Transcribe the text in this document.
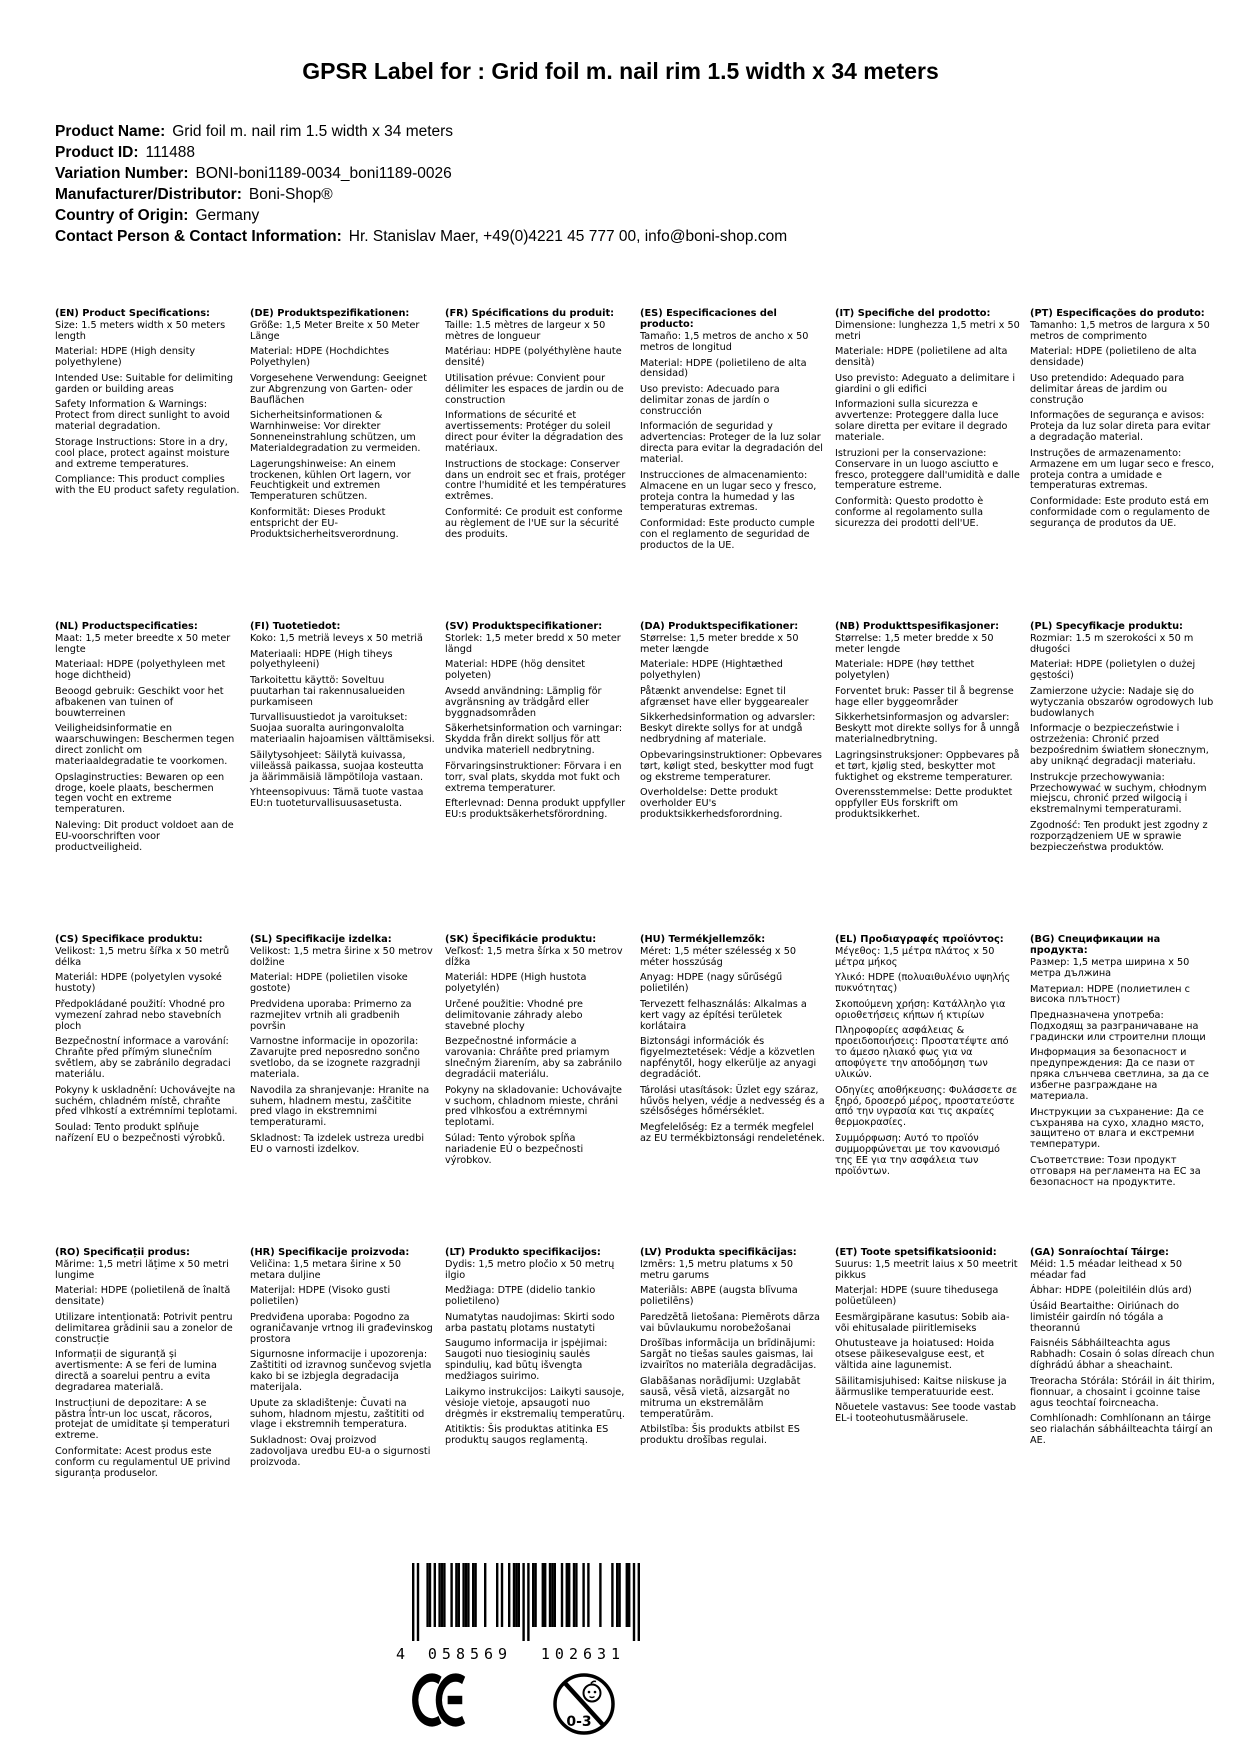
GPSR Label for : Grid foil m. nail rim 1.5 width x 34 meters
Product Name: Grid foil m. nail rim 1.5 width x 34 meters
Product ID: 111488
Variation Number: BONI-boni1189-0034_boni1189-0026
Manufacturer/Distributor: Boni-Shop®
Country of Origin: Germany
Contact Person & Contact Information: Hr. Stanislav Maer, +49(0)4221 45 777 00, info@boni-shop.com
(EN) Product Specifications:

Size: 1.5 meters width x 50 meters length

Material: HDPE (High density polyethylene)

Intended Use: Suitable for delimiting garden or building areas

Safety Information & Warnings: Protect from direct sunlight to avoid material degradation.

Storage Instructions: Store in a dry, cool place, protect against moisture and extreme temperatures.

Compliance: This product complies with the EU product safety regulation.

(DE) Produktspezifikationen:

Größe: 1,5 Meter Breite x 50 Meter Länge

Material: HDPE (Hochdichtes Polyethylen)

Vorgesehene Verwendung: Geeignet zur Abgrenzung von Garten- oder Bauflächen

Sicherheitsinformationen & Warnhinweise: Vor direkter Sonneneinstrahlung schützen, um Materialdegradation zu vermeiden.

Lagerungshinweise: An einem trockenen, kühlen Ort lagern, vor Feuchtigkeit und extremen Temperaturen schützen.

Konformität: Dieses Produkt entspricht der EU-Produktsicherheitsverordnung.

(FR) Spécifications du produit:

Taille: 1.5 mètres de largeur x 50 mètres de longueur

Matériau: HDPE (polyéthylène haute densité)

Utilisation prévue: Convient pour délimiter les espaces de jardin ou de construction

Informations de sécurité et avertissements: Protéger du soleil direct pour éviter la dégradation des matériaux.

Instructions de stockage: Conserver dans un endroit sec et frais, protéger contre l'humidité et les températures extrêmes.

Conformité: Ce produit est conforme au règlement de l'UE sur la sécurité des produits.

(ES) Especificaciones del producto:

Tamaño: 1,5 metros de ancho x 50 metros de longitud

Material: HDPE (polietileno de alta densidad)

Uso previsto: Adecuado para delimitar zonas de jardín o construcción

Información de seguridad y advertencias: Proteger de la luz solar directa para evitar la degradación del material.

Instrucciones de almacenamiento: Almacene en un lugar seco y fresco, proteja contra la humedad y las temperaturas extremas.

Conformidad: Este producto cumple con el reglamento de seguridad de productos de la UE.

(IT) Specifiche del prodotto:

Dimensione: lunghezza 1,5 metri x 50 metri

Materiale: HDPE (polietilene ad alta densità)

Uso previsto: Adeguato a delimitare i giardini o gli edifici

Informazioni sulla sicurezza e avvertenze: Proteggere dalla luce solare diretta per evitare il degrado materiale.

Istruzioni per la conservazione: Conservare in un luogo asciutto e fresco, proteggere dall'umidità e dalle temperature estreme.

Conformità: Questo prodotto è conforme al regolamento sulla sicurezza dei prodotti dell'UE.

(PT) Especificações do produto:

Tamanho: 1,5 metros de largura x 50 metros de comprimento

Material: HDPE (polietileno de alta densidade)

Uso pretendido: Adequado para delimitar áreas de jardim ou construção

Informações de segurança e avisos: Proteja da luz solar direta para evitar a degradação material.

Instruções de armazenamento: Armazene em um lugar seco e fresco, proteja contra a umidade e temperaturas extremas.

Conformidade: Este produto está em conformidade com o regulamento de segurança de produtos da UE.

(NL) Productspecificaties:

Maat: 1,5 meter breedte x 50 meter lengte

Materiaal: HDPE (polyethyleen met hoge dichtheid)

Beoogd gebruik: Geschikt voor het afbakenen van tuinen of bouwterreinen

Veiligheidsinformatie en waarschuwingen: Beschermen tegen direct zonlicht om materiaaldegradatie te voorkomen.

Opslaginstructies: Bewaren op een droge, koele plaats, beschermen tegen vocht en extreme temperaturen.

Naleving: Dit product voldoet aan de EU-voorschriften voor productveiligheid.

(FI) Tuotetiedot:

Koko: 1,5 metriä leveys x 50 metriä

Materiaali: HDPE (High tiheys polyethyleeni)

Tarkoitettu käyttö: Soveltuu puutarhan tai rakennusalueiden purkamiseen

Turvallisuustiedot ja varoitukset: Suojaa suoralta auringonvalolta materiaalin hajoamisen välttämiseksi.

Säilytysohjeet: Säilytä kuivassa, viileässä paikassa, suojaa kosteutta ja äärimmäisiä lämpötiloja vastaan.

Yhteensopivuus: Tämä tuote vastaa EU:n tuoteturvallisuusasetusta.

(SV) Produktspecifikationer:

Storlek: 1,5 meter bredd x 50 meter längd

Material: HDPE (hög densitet polyeten)

Avsedd användning: Lämplig för avgränsning av trädgård eller byggnadsområden

Säkerhetsinformation och varningar: Skydda från direkt solljus för att undvika materiell nedbrytning.

Förvaringsinstruktioner: Förvara i en torr, sval plats, skydda mot fukt och extrema temperaturer.

Efterlevnad: Denna produkt uppfyller EU:s produktsäkerhetsförordning.

(DA) Produktspecifikationer:

Størrelse: 1,5 meter bredde x 50 meter længde

Materiale: HDPE (Hightæthed polyethylen)

Påtænkt anvendelse: Egnet til afgrænset have eller byggearealer

Sikkerhedsinformation og advarsler: Beskyt direkte sollys for at undgå nedbrydning af materiale.

Opbevaringsinstruktioner: Opbevares tørt, køligt sted, beskytter mod fugt og ekstreme temperaturer.

Overholdelse: Dette produkt overholder EU's produktsikkerhedsforordning.

(NB) Produkttspesifikasjoner:

Størrelse: 1,5 meter bredde x 50 meter lengde

Materiale: HDPE (høy tetthet polyetylen)

Forventet bruk: Passer til å begrense hage eller byggeområder

Sikkerhetsinformasjon og advarsler: Beskytt mot direkte sollys for å unngå materialnedbrytning.

Lagringsinstruksjoner: Oppbevares på et tørt, kjølig sted, beskytter mot fuktighet og ekstreme temperaturer.

Overensstemmelse: Dette produktet oppfyller EUs forskrift om produktsikkerhet.

(PL) Specyfikacje produktu:

Rozmiar: 1.5 m szerokości x 50 m długości

Materiał: HDPE (polietylen o dużej gęstości)

Zamierzone użycie: Nadaje się do wytyczania obszarów ogrodowych lub budowlanych

Informacje o bezpieczeństwie i ostrzeżenia: Chronić przed bezpośrednim światłem słonecznym, aby uniknąć degradacji materiału.

Instrukcje przechowywania: Przechowywać w suchym, chłodnym miejscu, chronić przed wilgocią i ekstremalnymi temperaturami.

Zgodność: Ten produkt jest zgodny z rozporządzeniem UE w sprawie bezpieczeństwa produktów.

(CS) Specifikace produktu:

Velikost: 1,5 metru šířka x 50 metrů délka

Materiál: HDPE (polyetylen vysoké hustoty)

Předpokládané použití: Vhodné pro vymezení zahrad nebo stavebních ploch

Bezpečnostní informace a varování: Chraňte před přímým slunečním světlem, aby se zabránilo degradaci materiálu.

Pokyny k uskladnění: Uchovávejte na suchém, chladném místě, chraňte před vlhkostí a extrémními teplotami.

Soulad: Tento produkt splňuje nařízení EU o bezpečnosti výrobků.

(SL) Specifikacije izdelka:

Velikost: 1,5 metra širine x 50 metrov dolžine

Material: HDPE (polietilen visoke gostote)

Predvidena uporaba: Primerno za razmejitev vrtnih ali gradbenih površin

Varnostne informacije in opozorila: Zavarujte pred neposredno sončno svetlobo, da se izognete razgradnji materiala.

Navodila za shranjevanje: Hranite na suhem, hladnem mestu, zaščitite pred vlago in ekstremnimi temperaturami.

Skladnost: Ta izdelek ustreza uredbi EU o varnosti izdelkov.

(SK) Špecifikácie produktu:

Veľkosť: 1,5 metra šírka x 50 metrov dĺžka

Materiál: HDPE (High hustota polyetylén)

Určené použitie: Vhodné pre delimitovanie záhrady alebo stavebné plochy

Bezpečnostné informácie a varovania: Chráňte pred priamym slnečným žiarením, aby sa zabránilo degradácii materiálu.

Pokyny na skladovanie: Uchovávajte v suchom, chladnom mieste, chráni pred vlhkosťou a extrémnymi teplotami.

Súlad: Tento výrobok spĺňa nariadenie EÚ o bezpečnosti výrobkov.

(HU) Termékjellemzők:

Méret: 1,5 méter szélesség x 50 méter hosszúság

Anyag: HDPE (nagy sűrűségű polietilén)

Tervezett felhasználás: Alkalmas a kert vagy az építési területek korlátaira

Biztonsági információk és figyelmeztetések: Védje a közvetlen napfénytől, hogy elkerülje az anyagi degradációt.

Tárolási utasítások: Üzlet egy száraz, hűvös helyen, védje a nedvesség és a szélsőséges hőmérséklet.

Megfelelőség: Ez a termék megfelel az EU termékbiztonsági rendeletének.

(EL) Προδιαγραφές προϊόντος:

Μέγεθος: 1,5 μέτρα πλάτος x 50 μέτρα μήκος

Υλικό: HDPE (πολυαιθυλένιο υψηλής πυκνότητας)

Σκοπούμενη χρήση: Κατάλληλο για οριοθετήσεις κήπων ή κτιρίων

Πληροφορίες ασφάλειας & προειδοποιήσεις: Προστατέψτε από το άμεσο ηλιακό φως για να αποφύγετε την αποδόμηση των υλικών.

Οδηγίες αποθήκευσης: Φυλάσσετε σε ξηρό, δροσερό μέρος, προστατεύστε από την υγρασία και τις ακραίες θερμοκρασίες.

Συμμόρφωση: Αυτό το προϊόν συμμορφώνεται με τον κανονισμό της ΕΕ για την ασφάλεια των προϊόντων.

(BG) Спецификации на продукта:

Размер: 1,5 метра ширина x 50 метра дължина

Материал: HDPE (полиетилен с висока плътност)

Предназначена употреба: Подходящ за разграничаване на градински или строителни площи

Информация за безопасност и предупреждения: Да се пази от пряка слънчева светлина, за да се избегне разграждане на материала.

Инструкции за съхранение: Да се съхранява на сухо, хладно място, защитено от влага и екстремни температури.

Съответствие: Този продукт отговаря на регламента на ЕС за безопасност на продуктите.

(RO) Specificații produs:

Mărime: 1,5 metri lățime x 50 metri lungime

Material: HDPE (polietilenă de înaltă densitate)

Utilizare intenționată: Potrivit pentru delimitarea grădinii sau a zonelor de construcție

Informații de siguranță și avertismente: A se feri de lumina directă a soarelui pentru a evita degradarea materială.

Instrucțiuni de depozitare: A se păstra într-un loc uscat, răcoros, protejat de umiditate și temperaturi extreme.

Conformitate: Acest produs este conform cu regulamentul UE privind siguranța produselor.

(HR) Specifikacije proizvoda:

Veličina: 1,5 metara širine x 50 metara duljine

Materijal: HDPE (Visoko gusti polietilen)

Predviđena uporaba: Pogodno za ograničavanje vrtnog ili građevinskog prostora

Sigurnosne informacije i upozorenja: Zaštititi od izravnog sunčevog svjetla kako bi se izbjegla degradacija materijala.

Upute za skladištenje: Čuvati na suhom, hladnom mjestu, zaštititi od vlage i ekstremnih temperatura.

Sukladnost: Ovaj proizvod zadovoljava uredbu EU-a o sigurnosti proizvoda.

(LT) Produkto specifikacijos:

Dydis: 1,5 metro pločio x 50 metrų ilgio

Medžiaga: DTPE (didelio tankio polietileno)

Numatytas naudojimas: Skirti sodo arba pastatų plotams nustatyti

Saugumo informacija ir įspėjimai: Saugoti nuo tiesioginių saulės spindulių, kad būtų išvengta medžiagos suirimo.

Laikymo instrukcijos: Laikyti sausoje, vėsioje vietoje, apsaugoti nuo drėgmės ir ekstremalių temperatūrų.

Atitiktis: Šis produktas atitinka ES produktų saugos reglamentą.

(LV) Produkta specifikācijas:

Izmērs: 1,5 metru platums x 50 metru garums

Materiāls: ABPE (augsta blīvuma polietilēns)

Paredzētā lietošana: Piemērots dārza vai būvlaukumu norobežošanai

Drošības informācija un brīdinājumi: Sargāt no tiešas saules gaismas, lai izvairītos no materiāla degradācijas.

Glabāšanas norādījumi: Uzglabāt sausā, vēsā vietā, aizsargāt no mitruma un ekstremālām temperatūrām.

Atbilstība: Šis produkts atbilst ES produktu drošības regulai.

(ET) Toote spetsifikatsioonid:

Suurus: 1,5 meetrit laius x 50 meetrit pikkus

Materjal: HDPE (suure tihedusega polüetüleen)

Eesmärgipärane kasutus: Sobib aia- või ehitusalade piiritlemiseks

Ohutusteave ja hoiatused: Hoida otsese päikesevalguse eest, et vältida aine lagunemist.

Säilitamisjuhised: Kaitse niiskuse ja äärmuslike temperatuuride eest.

Nõuetele vastavus: See toode vastab EL-i tooteohutusmäärusele.

(GA) Sonraíochtaí Táirge:

Méid: 1.5 méadar leithead x 50 méadar fad

Ábhar: HDPE (poleitiléin dlús ard)

Úsáid Beartaithe: Oiriúnach do limistéir gairdín nó tógála a theorannú

Faisnéis Sábháilteachta agus Rabhadh: Cosain ó solas díreach chun díghrádú ábhar a sheachaint.

Treoracha Stórála: Stóráil in áit thirim, fionnuar, a chosaint i gcoinne taise agus teochtaí foircneacha.

Comhlíonadh: Comhlíonann an táirge seo rialachán sábháilteachta táirgí an AE.

4 058569 102631
0-3
